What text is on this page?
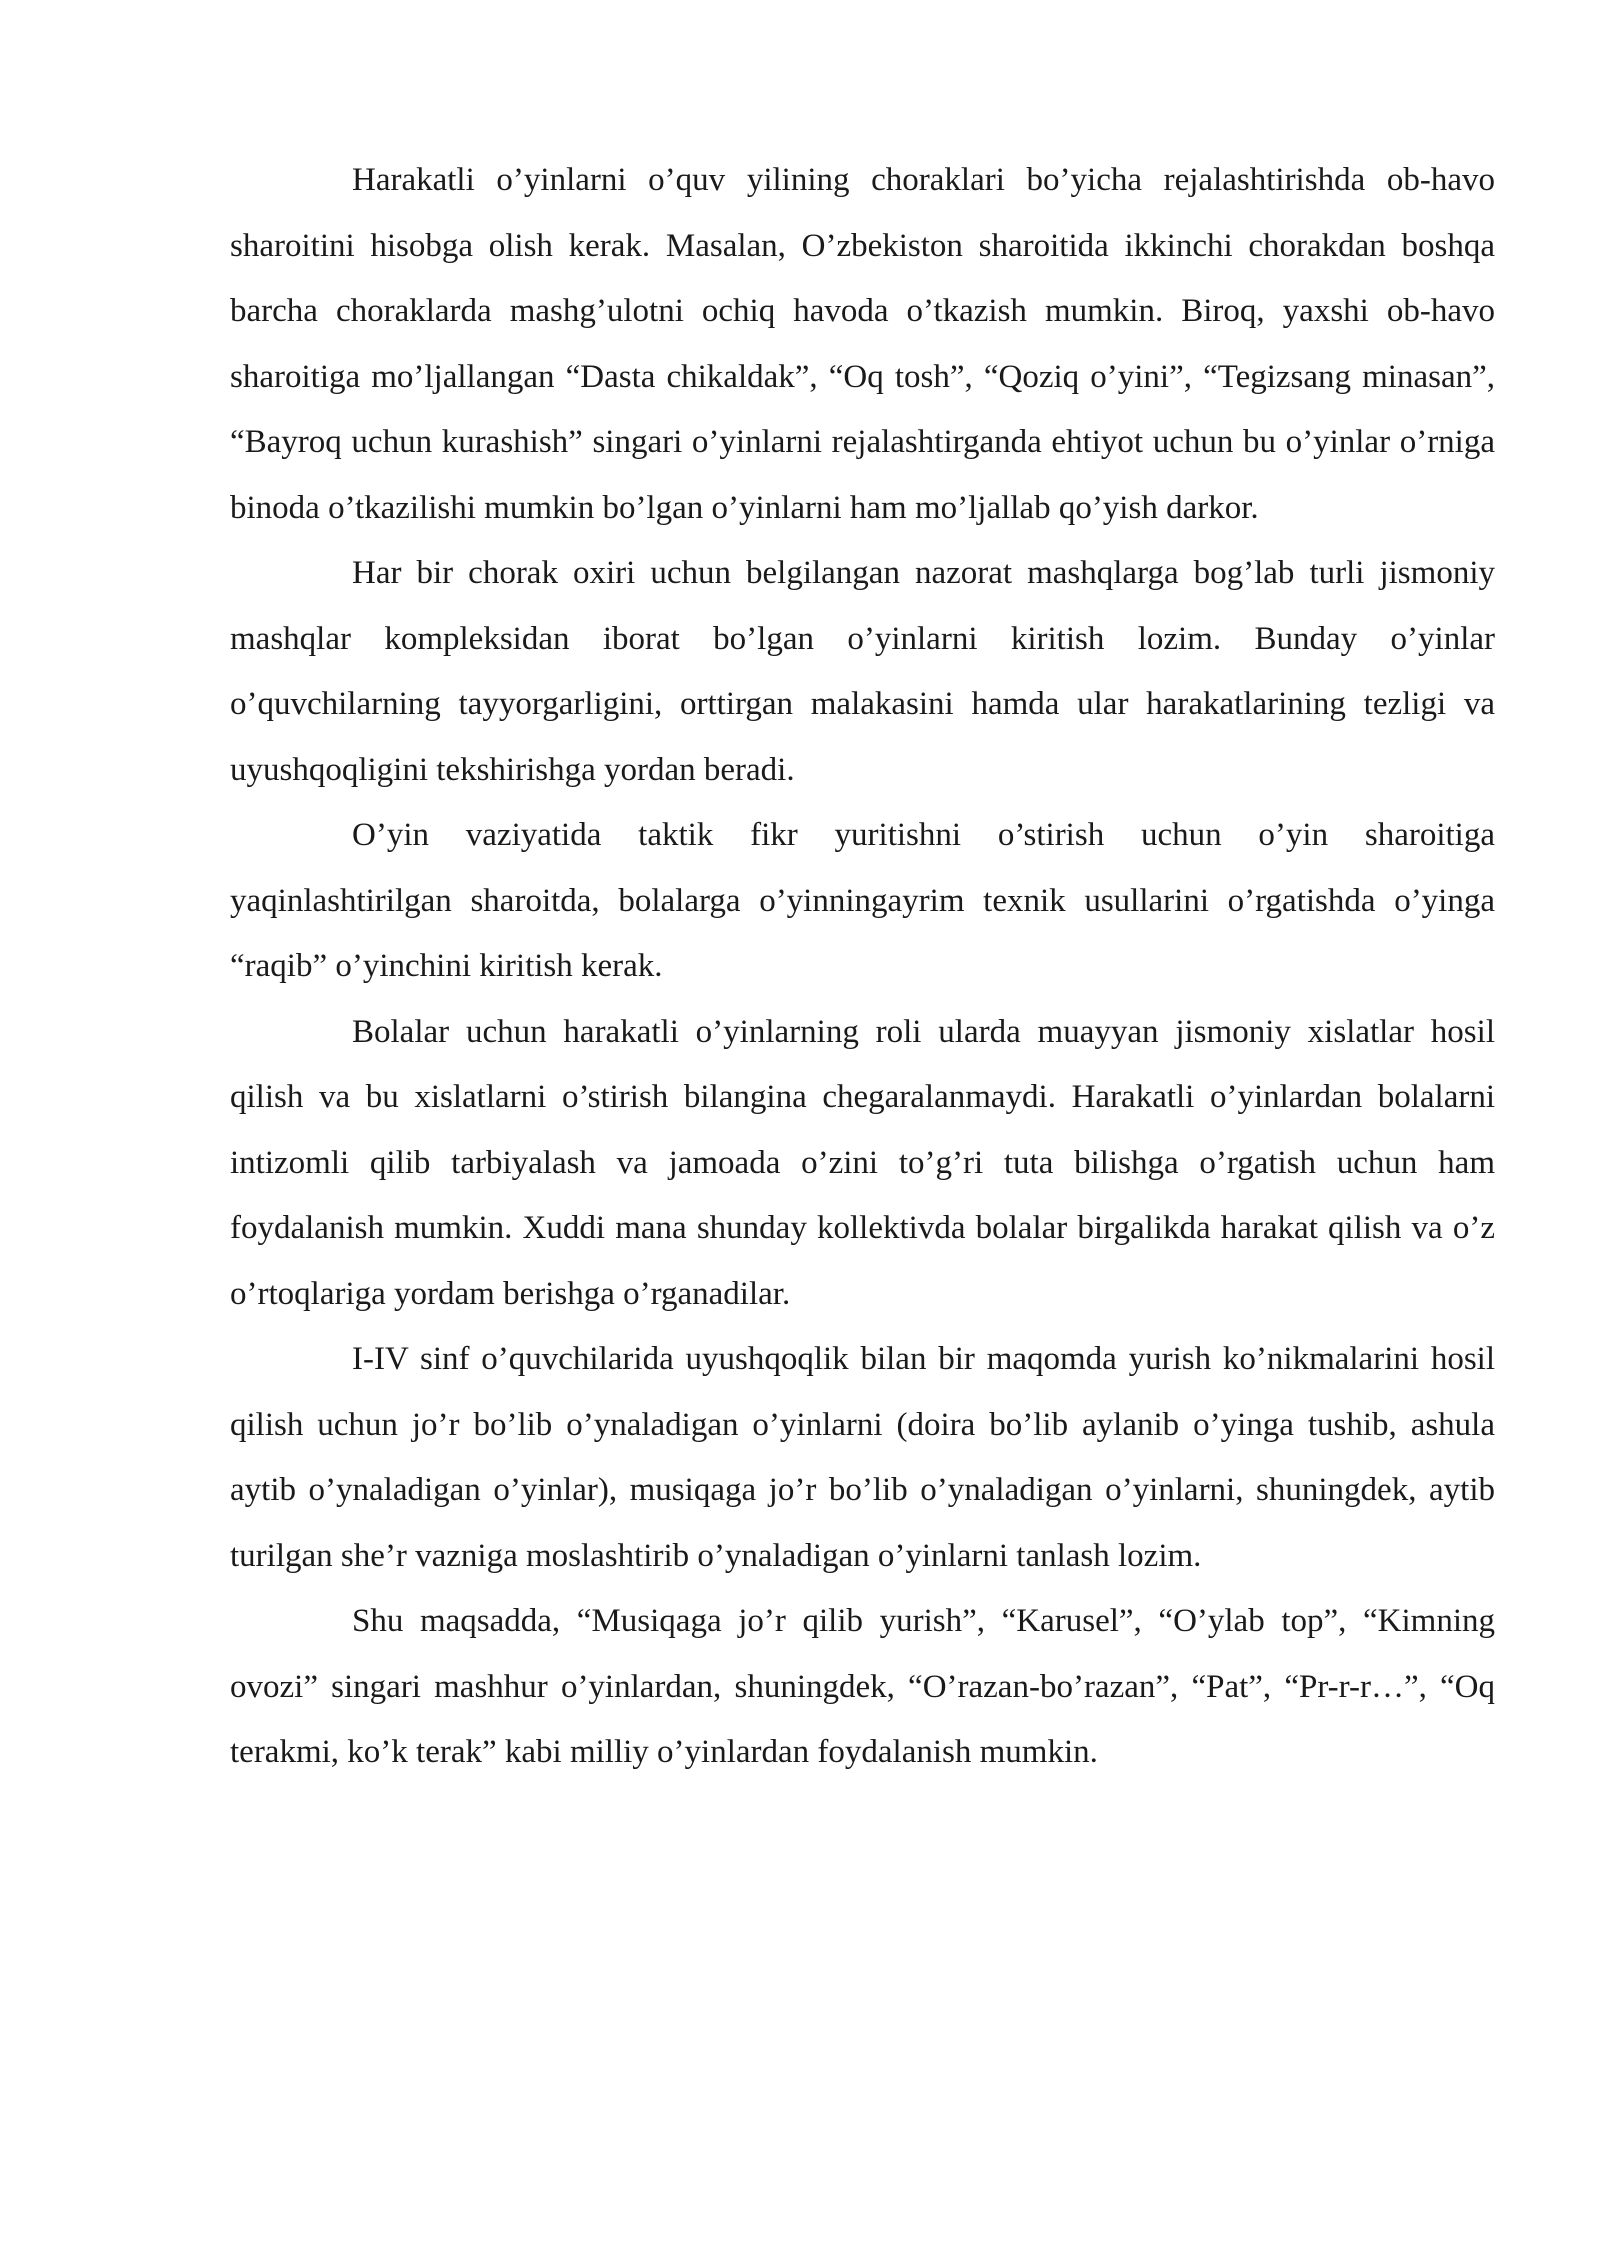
Harakatli o’yinlarni o’quv yilining choraklari bo’yicha rejalashtirishda ob-havo sharoitini hisobga olish kerak. Masalan, O’zbekiston sharoitida ikkinchi chorakdan boshqa barcha choraklarda mashg’ulotni ochiq havoda o’tkazish mumkin. Biroq, yaxshi ob-havo sharoitiga mo’ljallangan “Dasta chikaldak”, “Oq tosh”, “Qoziq o’yini”, “Tegizsang minasan”, “Bayroq uchun kurashish” singari o’yinlarni rejalashtirganda ehtiyot uchun bu o’yinlar o’rniga binoda o’tkazilishi mumkin bo’lgan o’yinlarni ham mo’ljallab qo’yish darkor.

Har bir chorak oxiri uchun belgilangan nazorat mashqlarga bog’lab turli jismoniy mashqlar kompleksidan iborat bo’lgan o’yinlarni kiritish lozim. Bunday o’yinlar o’quvchilarning tayyorgarligini, orttirgan malakasini hamda ular harakatlarining tezligi va uyushqoqligini tekshirishga yordan beradi.

O’yin vaziyatida taktik fikr yuritishni o’stirish uchun o’yin sharoitiga yaqinlashtirilgan sharoitda, bolalarga o’yinningayrim texnik usullarini o’rgatishda o’yinga “raqib” o’yinchini kiritish kerak.

Bolalar uchun harakatli o’yinlarning roli ularda muayyan jismoniy xislatlar hosil qilish va bu xislatlarni o’stirish bilangina chegaralanmaydi. Harakatli o’yinlardan bolalarni intizomli qilib tarbiyalash va jamoada o’zini to’g’ri tuta bilishga o’rgatish uchun ham foydalanish mumkin. Xuddi mana shunday kollektivda bolalar birgalikda harakat qilish va o’z o’rtoqlariga yordam berishga o’rganadilar.

I-IV sinf o’quvchilarida uyushqoqlik bilan bir maqomda yurish ko’nikmalarini hosil qilish uchun jo’r bo’lib o’ynaladigan o’yinlarni (doira bo’lib aylanib o’yinga tushib, ashula aytib o’ynaladigan o’yinlar), musiqaga jo’r bo’lib o’ynaladigan o’yinlarni, shuningdek, aytib turilgan she’r vazniga moslashtirib o’ynaladigan o’yinlarni tanlash lozim.

Shu maqsadda, “Musiqaga jo’r qilib yurish”, “Karusel”, “O’ylab top”, “Kimning ovozi” singari mashhur o’yinlardan, shuningdek, “O’razan-bo’razan”, “Pat”, “Pr-r-r…”, “Oq terakmi, ko’k terak” kabi milliy o’yinlardan foydalanish mumkin.
